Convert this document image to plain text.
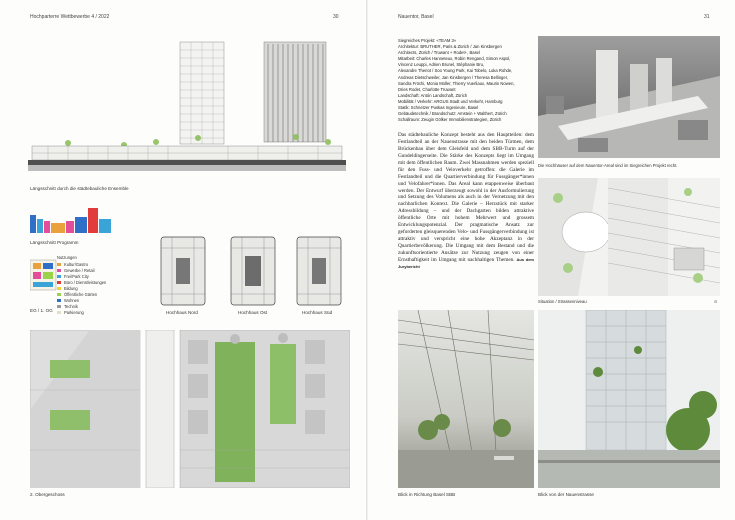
Hochparterre Wettbewerbe 4 / 2022	30
Längsschnitt durch die städtebauliche Ensemble
Längsschnitt Programm
EG / 1. OG
Nutzungen
Kultur/Gastro
Gewerbe / Retail
Frei/Park City
Büro / Dienstleistungen
Bildung
Öffentliche Gärten
Wohnen
Technik
Parkierung	Hochhaus Nord	Hochhaus Ost	Hochhaus Süd
2. Obergeschoss
Nauentor, Basel	31

Siegreiches Projekt: «TEAM 3»

Architektur: BRUTHER, Paris & Zürich / Jan Kinsbergen

Architects, Zürich / Truwant + Rodet+, Basel

Mitarbeit: Charles Hanneteux, Robin Rengand, Simon Aspol,

Vincenz Leuppi, Adrien Brunel, Stéphanie Bru,

Alexandre Theriot / Soo Young Park, Kai Tobelo, Luka Rohde,

Andreas Dietschweiler, Jan Kinsbergen / Theresa Bellinger,

Sandra Fröchi, Monia Moller, Thierry Vuerliaux, Maurin Nowen,

Dries Rodet, Charlotte Truwant

Landschaft: Antón Landschaft, Zürich

Mobilität / Verkehr: ARGUS Stadt und Verkehr, Hamburg

Statik: Schnetzer Puskas Ingenieure, Basel

Gebäudetechnik / Brandschutz: Amstein + Walthert, Zürich

Schallraum: Zeugin Gölker Immobilienstrategien, Zürich

Das städtebauliche Konzept besteht aus den Hauptteilen: dem Festlandteil an der Nauenstrasse mit den beiden Türmen, dem Brückenbau über dem Gleisfeld und dem SBB-Turm auf der Gundeldingerseite. Die Stärke des Konzepts liegt im Umgang mit dem öffentlichen Raum. Zwei Massnahmen werden speziell für den Fuss- und Veloverkehr getroffen: die Galerie im Festlandteil und die Quartierverbindung für Fussgänger*innen und Velofahrer*innen. Das Areal kann etappenweise überbaut werden. Der Entwurf überzeugt sowohl in der Ausformulierung und Setzung des Volumens als auch in der Vernetzung mit den nachbarlichen Kontext. Die Galerie – Herzstück mit starker Adressbildung – und der Dachgarten bilden attraktive öffentliche Orte mit hohem Mehrwert und grossem Entwicklungspotenzial. Der pragmatische Ansatz zur geforderten gleisquerenden Velo- und Fussgängerverbindung ist attraktiv und verspricht eine hohe Akzeptanz in der Quartierbevölkerung. Die Umgang mit dem Bestand und die zukunftsorientierte Ansätze zur Nutzung zeugen von einer Ernsthaftigkeit im Umgang mit nachhaltigen Themen. Aus dem Jurybericht
Die Hochhäuser auf dem Nauentor-Areal sind im Siegreichen Projekt recht.
Situation / Strassenniveau	⊙
Blick in Richtung Basel SBB	Blick von der Nauenstrasse
